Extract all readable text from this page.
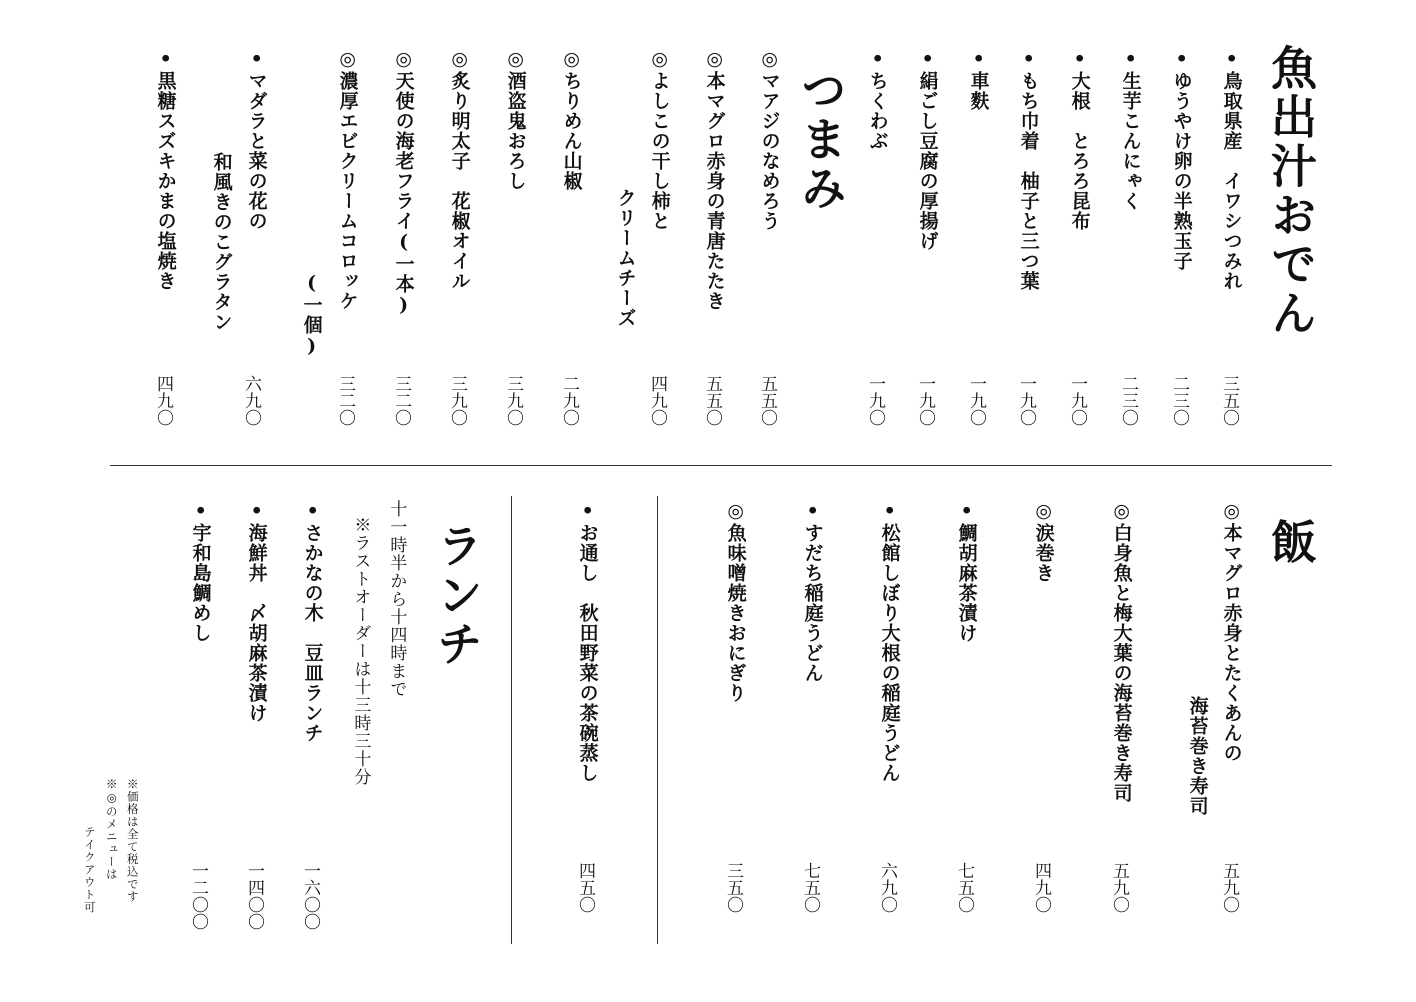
魚出汁おでん
•鳥取県産　イワシつみれ
三五〇
•ゆうやけ卵の半熟玉子
二三〇
•生芋こんにゃく
二三〇
•大根　とろろ昆布
一九〇
•もち巾着　柚子と三つ葉
一九〇
•車麩
一九〇
•絹ごし豆腐の厚揚げ
一九〇
•ちくわぶ
一九〇
つまみ
◎マアジのなめろう
五五〇
◎本マグロ赤身の青唐たたき
五五〇
◎よしこの干し柿と
クリームチーズ
四九〇
◎ちりめん山椒
二九〇
◎酒盗鬼おろし
三九〇
◎炙り明太子　花椒オイル
三九〇
◎天使の海老フライ(一本)
三二〇
◎濃厚エビクリームコロッケ
(一個)
三二〇
•マダラと菜の花の
和風きのこグラタン
六九〇
•黒糖スズキかまの塩焼き
四九〇
飯
◎本マグロ赤身とたくあんの
海苔巻き寿司
五九〇
◎白身魚と梅大葉の海苔巻き寿司
五九〇
◎涙巻き
四九〇
•鯛胡麻茶漬け
七五〇
•松館しぼり大根の稲庭うどん
六九〇
•すだち稲庭うどん
七五〇
◎魚味噌焼きおにぎり
三五〇
•お通し　秋田野菜の茶碗蒸し
四五〇
ランチ
十一時半から十四時まで
※ラストオーダーは十三時三十分
•さかなの木　豆皿ランチ
一六〇〇
•海鮮丼　〆胡麻茶漬け
一四〇〇
•宇和島鯛めし
一二〇〇
※価格は全て税込です
※◎のメニューは
テイクアウト可
